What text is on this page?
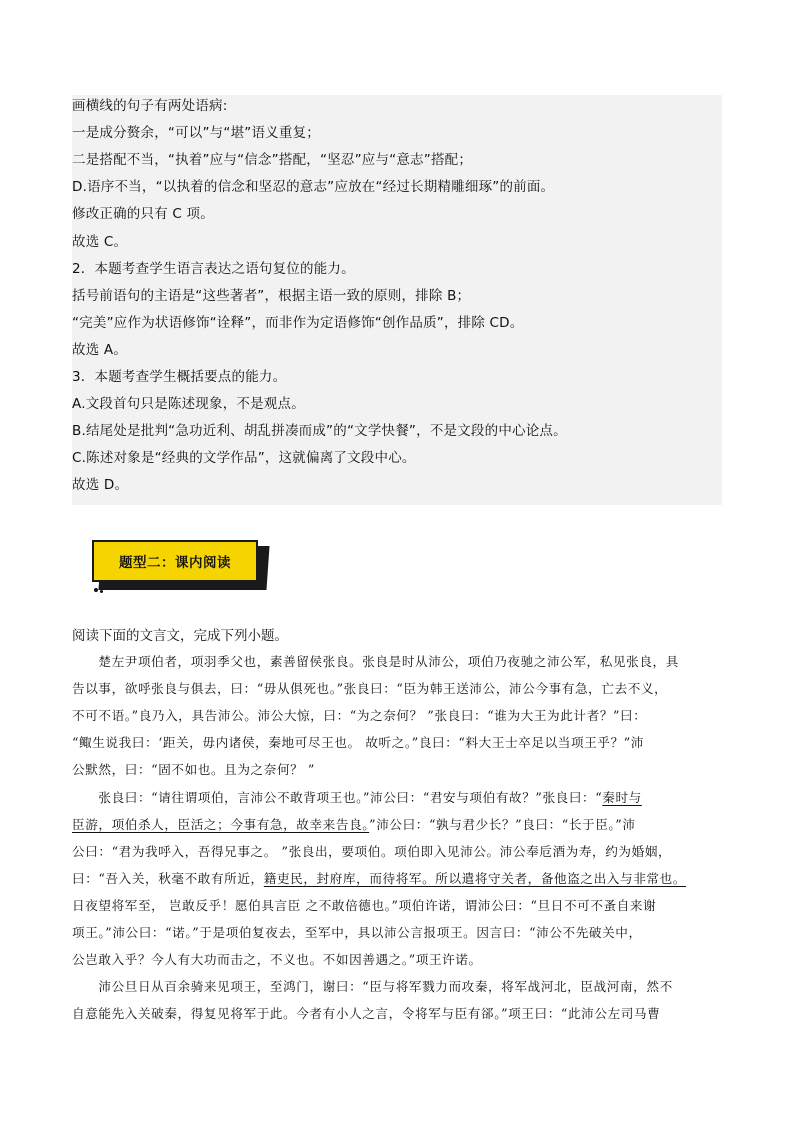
画横线的句子有两处语病:
一是成分赘余，“可以”与“堪”语义重复；
二是搭配不当，“执着”应与“信念”搭配，“坚忍”应与“意志”搭配；
D.语序不当，“以执着的信念和坚忍的意志”应放在“经过长期精雕细琢”的前面。
修改正确的只有 C 项。
故选 C。
2．本题考查学生语言表达之语句复位的能力。
括号前语句的主语是“这些著者”，根据主语一致的原则，排除 B；
“完美”应作为状语修饰“诠释”，而非作为定语修饰“创作品质”，排除 CD。
故选 A。
3．本题考查学生概括要点的能力。
A.文段首句只是陈述现象，不是观点。
B.结尾处是批判“急功近利、胡乱拼凑而成”的“文学快餐”，不是文段的中心论点。
C.陈述对象是“经典的文学作品”，这就偏离了文段中心。
故选 D。
题型二：课内阅读
阅读下面的文言文，完成下列小题。
　　楚左尹项伯者，项羽季父也，素善留侯张良。张良是时从沛公，项伯乃夜驰之沛公军，私见张良，具
告以事，欲呼张良与俱去，曰：“毋从俱死也。”张良曰：“臣为韩王送沛公，沛公今事有急，亡去不义，
不可不语。”良乃入，具告沛公。沛公大惊，曰：“为之奈何？ ”张良曰：“谁为大王为此计者？”曰：
“鲰生说我曰：‘距关，毋内诸侯，秦地可尽王也。 故听之。”良曰：“料大王士卒足以当项王乎？”沛
公默然，曰：“固不如也。且为之奈何？ ”
　　张良曰：“请往谓项伯，言沛公不敢背项王也。”沛公曰：“君安与项伯有故？”张良曰：“秦时与
臣游，项伯杀人，臣活之；今事有急，故幸来告良。”沛公曰：“孰与君少长？”良曰：“长于臣。”沛
公曰：“君为我呼入，吾得兄事之。 ”张良出，要项伯。项伯即入见沛公。沛公奉卮酒为寿，约为婚姻，
曰：“吾入关，秋毫不敢有所近，籍吏民，封府库，而待将军。所以遣将守关者，备他盗之出入与非常也。
日夜望将军至， 岂敢反乎！愿伯具言臣 之不敢倍德也。”项伯许诺，谓沛公曰：“旦日不可不蚤自来谢
项王。”沛公曰：“诺。”于是项伯复夜去，至军中，具以沛公言报项王。因言曰：“沛公不先破关中，
公岂敢入乎？今人有大功而击之，不义也。不如因善遇之。”项王许诺。
　　沛公旦日从百余骑来见项王，至鸿门，谢曰：“臣与将军戮力而攻秦，将军战河北，臣战河南，然不
自意能先入关破秦，得复见将军于此。今者有小人之言，令将军与臣有郤。”项王曰：“此沛公左司马曹
